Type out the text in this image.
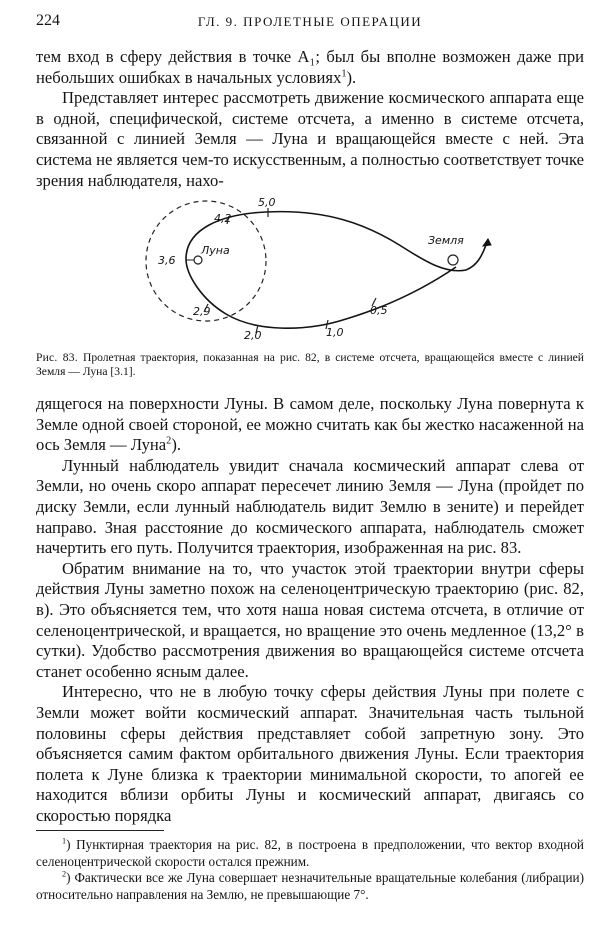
224	ГЛ. 9. ПРОЛЕТНЫЕ ОПЕРАЦИИ

тем вход в сферу действия в точке A₁; был бы вполне возможен даже при небольших ошибках в начальных условиях$^1$).

Представляет интерес рассмотреть движение космического аппарата еще в одной, специфической, системе отсчета, а именно в системе отсчета, связанной с линией Земля — Луна и вращающейся вместе с ней. Эта система не является чем-то искусственным, а полностью соответствует точке зрения наблюдателя, нахо-

Луна
Земля
3,6
4,2
5,0
2,9
2,0	1,0
0,5
Рис. 83. Пролетная траектория, показанная на рис. 82, в системе отсчета, вращающейся вместе с линией Земля — Луна [3.1].

дящегося на поверхности Луны. В самом деле, поскольку Луна повернута к Земле одной своей стороной, ее можно считать как бы жестко насаженной на ось Земля — Луна$^2$).

Лунный наблюдатель увидит сначала космический аппарат слева от Земли, но очень скоро аппарат пересечет линию Земля — Луна (пройдет по диску Земли, если лунный наблюдатель видит Землю в зените) и перейдет направо. Зная расстояние до космического аппарата, наблюдатель сможет начертить его путь. Получится траектория, изображенная на рис. 83.

Обратим внимание на то, что участок этой траектории внутри сферы действия Луны заметно похож на селеноцентрическую траекторию (рис. 82, в). Это объясняется тем, что хотя наша новая система отсчета, в отличие от селеноцентрической, и вращается, но вращение это очень медленное (13,2° в сутки). Удобство рассмотрения движения во вращающейся системе отсчета станет особенно ясным далее.

Интересно, что не в любую точку сферы действия Луны при полете с Земли может войти космический аппарат. Значительная часть тыльной половины сферы действия представляет собой запретную зону. Это объясняется самим фактом орбитального движения Луны. Если траектория полета к Луне близка к траектории минимальной скорости, то апогей ее находится вблизи орбиты Луны и космический аппарат, двигаясь со скоростью порядка

$^1$) Пунктирная траектория на рис. 82, в построена в предположении, что вектор входной селеноцентрической скорости остался прежним.

$^2$) Фактически все же Луна совершает незначительные вращательные колебания (либрации) относительно направления на Землю, не превышающие 7°.
